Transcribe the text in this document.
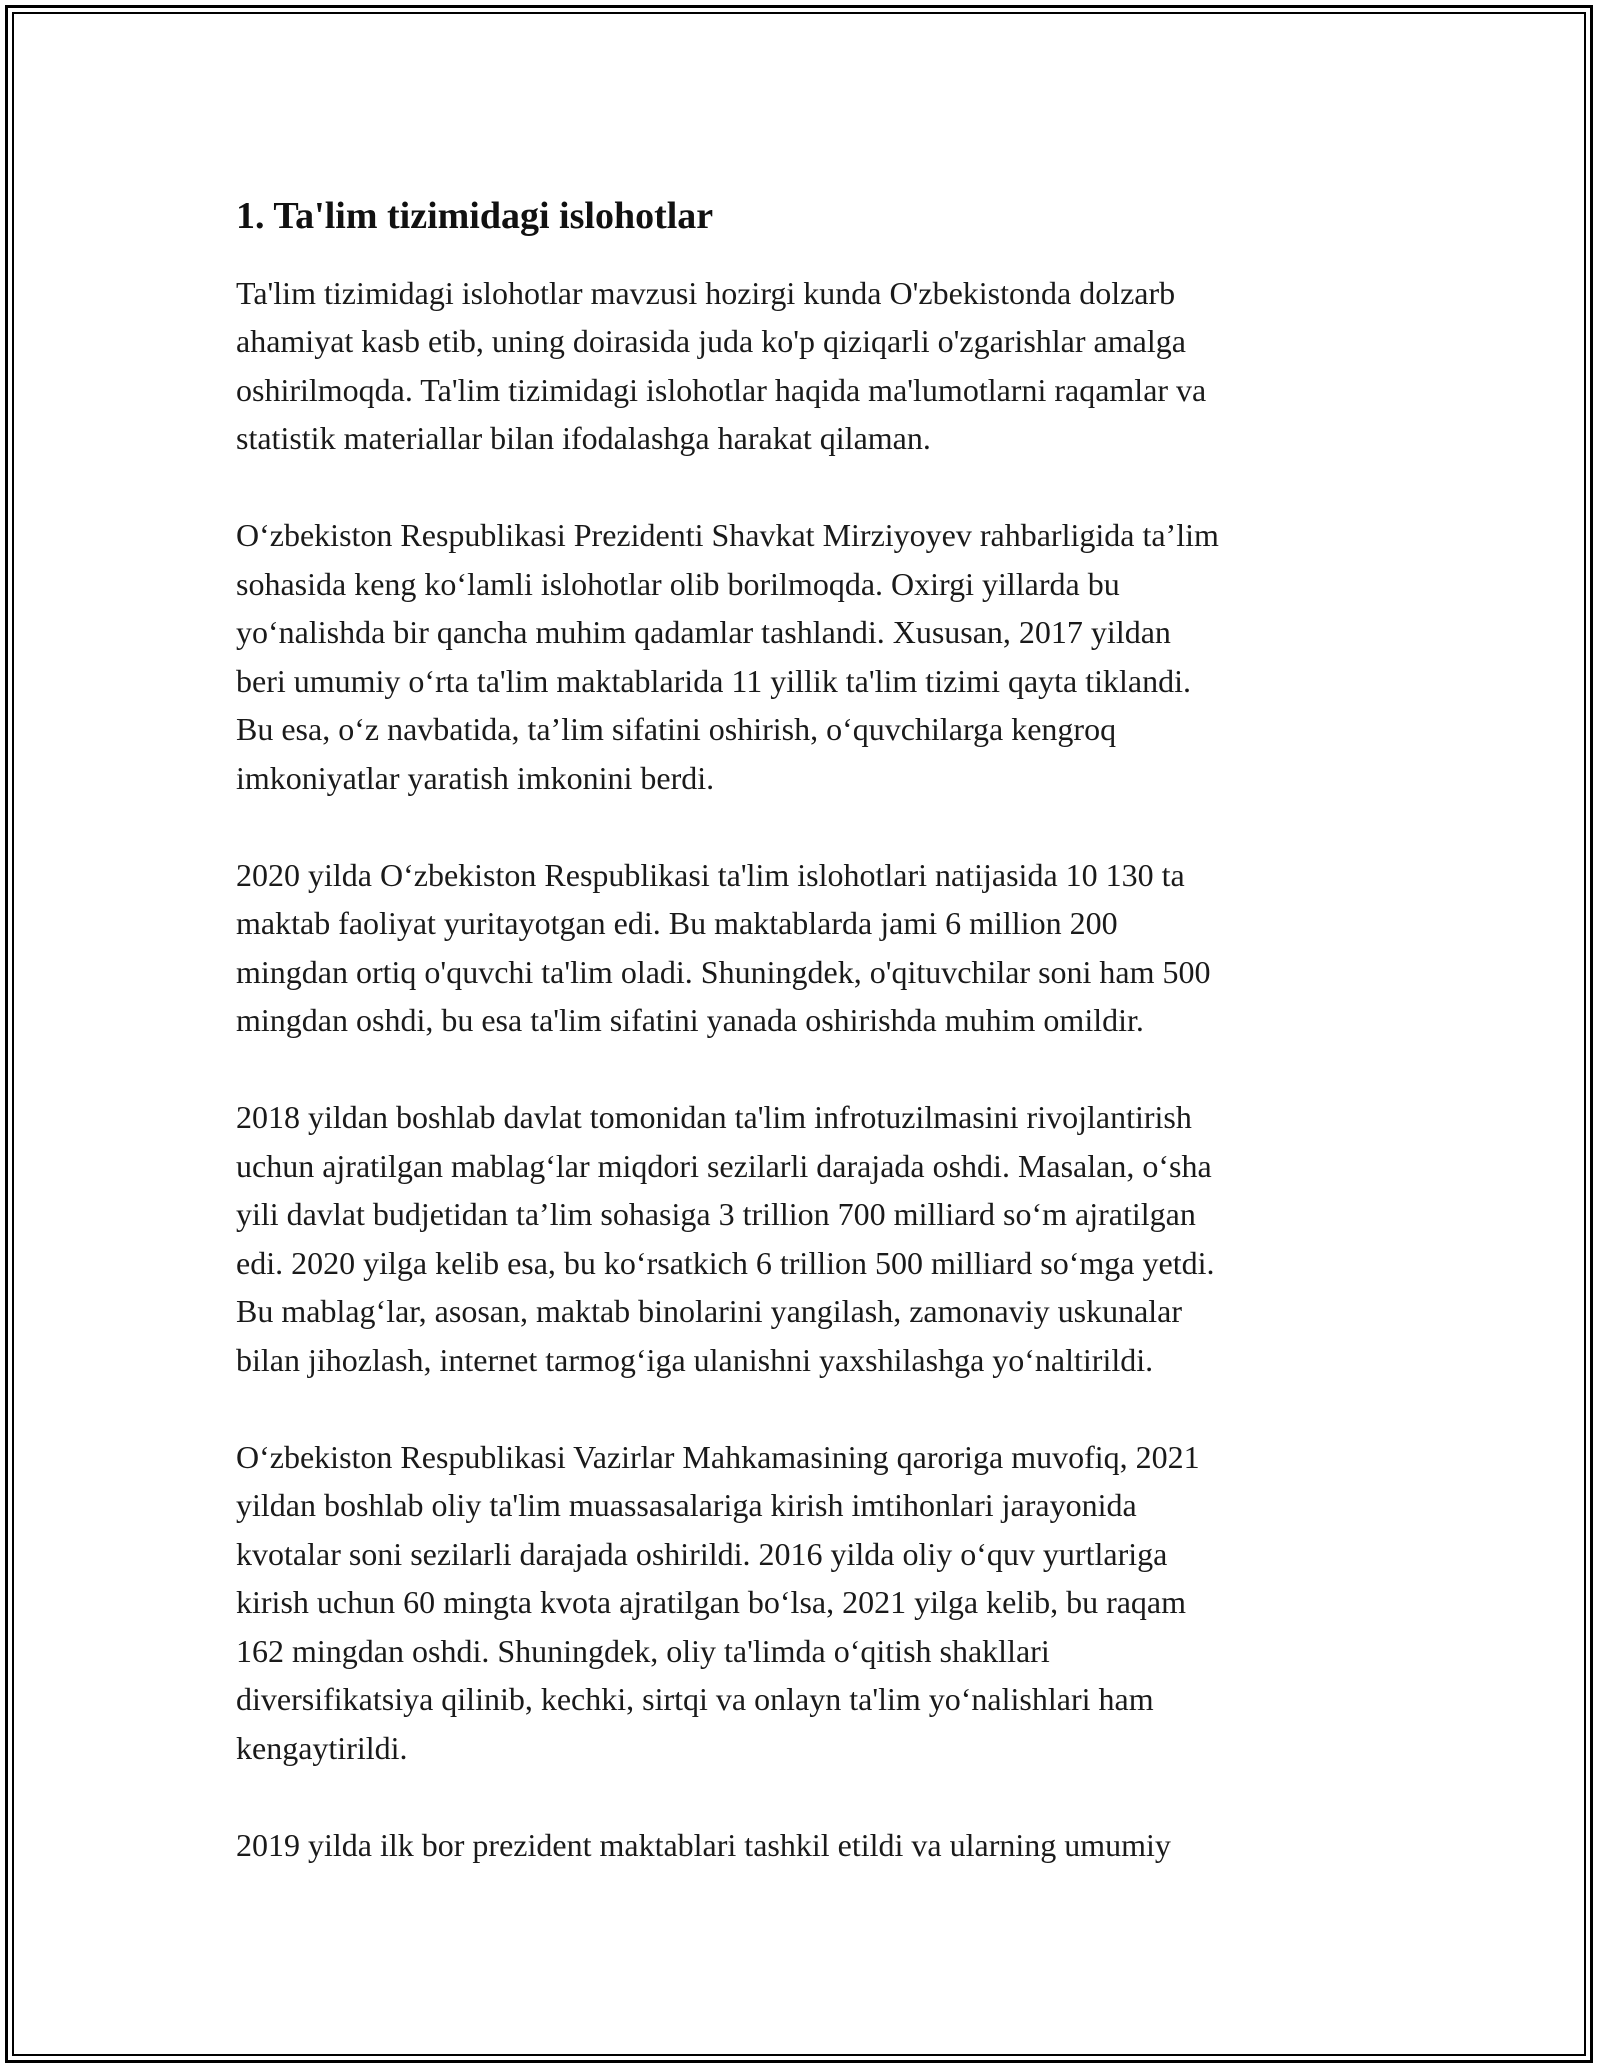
1. Ta'lim tizimidagi islohotlar

Ta'lim tizimidagi islohotlar mavzusi hozirgi kunda O'zbekistonda dolzarb
ahamiyat kasb etib, uning doirasida juda ko'p qiziqarli o'zgarishlar amalga
oshirilmoqda. Ta'lim tizimidagi islohotlar haqida ma'lumotlarni raqamlar va
statistik materiallar bilan ifodalashga harakat qilaman.

O‘zbekiston Respublikasi Prezidenti Shavkat Mirziyoyev rahbarligida ta’lim
sohasida keng ko‘lamli islohotlar olib borilmoqda. Oxirgi yillarda bu
yo‘nalishda bir qancha muhim qadamlar tashlandi. Xususan, 2017 yildan
beri umumiy o‘rta ta'lim maktablarida 11 yillik ta'lim tizimi qayta tiklandi.
Bu esa, o‘z navbatida, ta’lim sifatini oshirish, o‘quvchilarga kengroq
imkoniyatlar yaratish imkonini berdi.

2020 yilda O‘zbekiston Respublikasi ta'lim islohotlari natijasida 10 130 ta
maktab faoliyat yuritayotgan edi. Bu maktablarda jami 6 million 200
mingdan ortiq o'quvchi ta'lim oladi. Shuningdek, o'qituvchilar soni ham 500
mingdan oshdi, bu esa ta'lim sifatini yanada oshirishda muhim omildir.

2018 yildan boshlab davlat tomonidan ta'lim infrotuzilmasini rivojlantirish
uchun ajratilgan mablag‘lar miqdori sezilarli darajada oshdi. Masalan, o‘sha
yili davlat budjetidan ta’lim sohasiga 3 trillion 700 milliard so‘m ajratilgan
edi. 2020 yilga kelib esa, bu ko‘rsatkich 6 trillion 500 milliard so‘mga yetdi.
Bu mablag‘lar, asosan, maktab binolarini yangilash, zamonaviy uskunalar
bilan jihozlash, internet tarmog‘iga ulanishni yaxshilashga yo‘naltirildi.

O‘zbekiston Respublikasi Vazirlar Mahkamasining qaroriga muvofiq, 2021
yildan boshlab oliy ta'lim muassasalariga kirish imtihonlari jarayonida
kvotalar soni sezilarli darajada oshirildi. 2016 yilda oliy o‘quv yurtlariga
kirish uchun 60 mingta kvota ajratilgan bo‘lsa, 2021 yilga kelib, bu raqam
162 mingdan oshdi. Shuningdek, oliy ta'limda o‘qitish shakllari
diversifikatsiya qilinib, kechki, sirtqi va onlayn ta'lim yo‘nalishlari ham
kengaytirildi.

2019 yilda ilk bor prezident maktablari tashkil etildi va ularning umumiy
